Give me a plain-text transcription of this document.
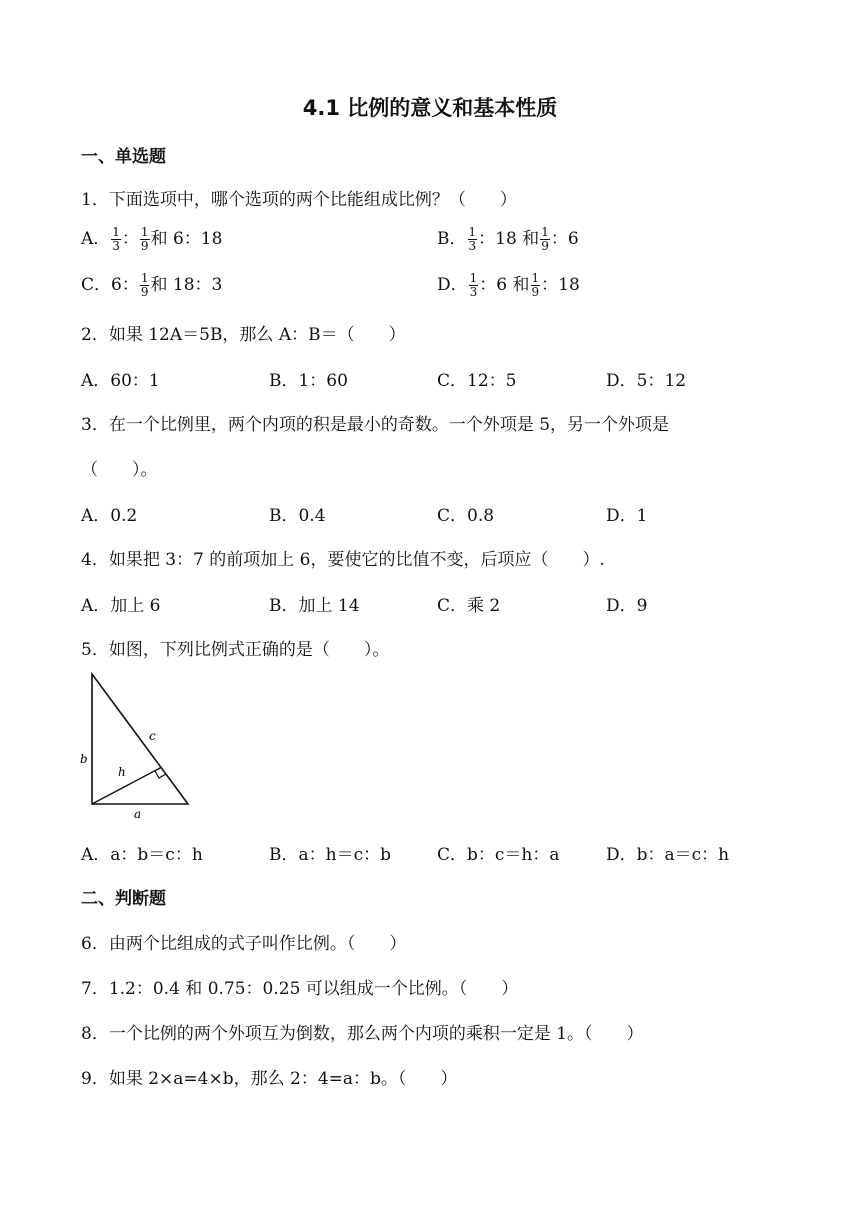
4.1 比例的意义和基本性质
一、单选题
1．下面选项中，哪个选项的两个比能组成比例？（　　）
A． $\frac{1}{3}$ ： $\frac{1}{9}$ 和 6：18	B． $\frac{1}{3}$ ：18 和 $\frac{1}{9}$ ：6
C．6： $\frac{1}{9}$ 和 18：3	D． $\frac{1}{3}$ ：6 和 $\frac{1}{9}$ ：18
2．如果 12A＝5B，那么 A：B＝（　　）
A．60：1	B．1：60	C．12：5	D．5：12
3．在一个比例里，两个内项的积是最小的奇数。一个外项是 5，另一个外项是
（　　）。
A．0.2	B．0.4	C．0.8	D．1
4．如果把 3：7 的前项加上 6，要使它的比值不变，后项应（　　）.
A．加上 6	B．加上 14	C．乘 2	D．9
5．如图，下列比例式正确的是（　　）。
b
c
h
a
A．a：b＝c：h	B．a：h＝c：b	C．b：c＝h：a	D．b：a＝c：h
二、判断题
6．由两个比组成的式子叫作比例。（　　）
7．1.2：0.4 和 0.75：0.25 可以组成一个比例。（　　）
8．一个比例的两个外项互为倒数，那么两个内项的乘积一定是 1。（　　）
9．如果 2×a=4×b，那么 2：4=a：b。（　　）
